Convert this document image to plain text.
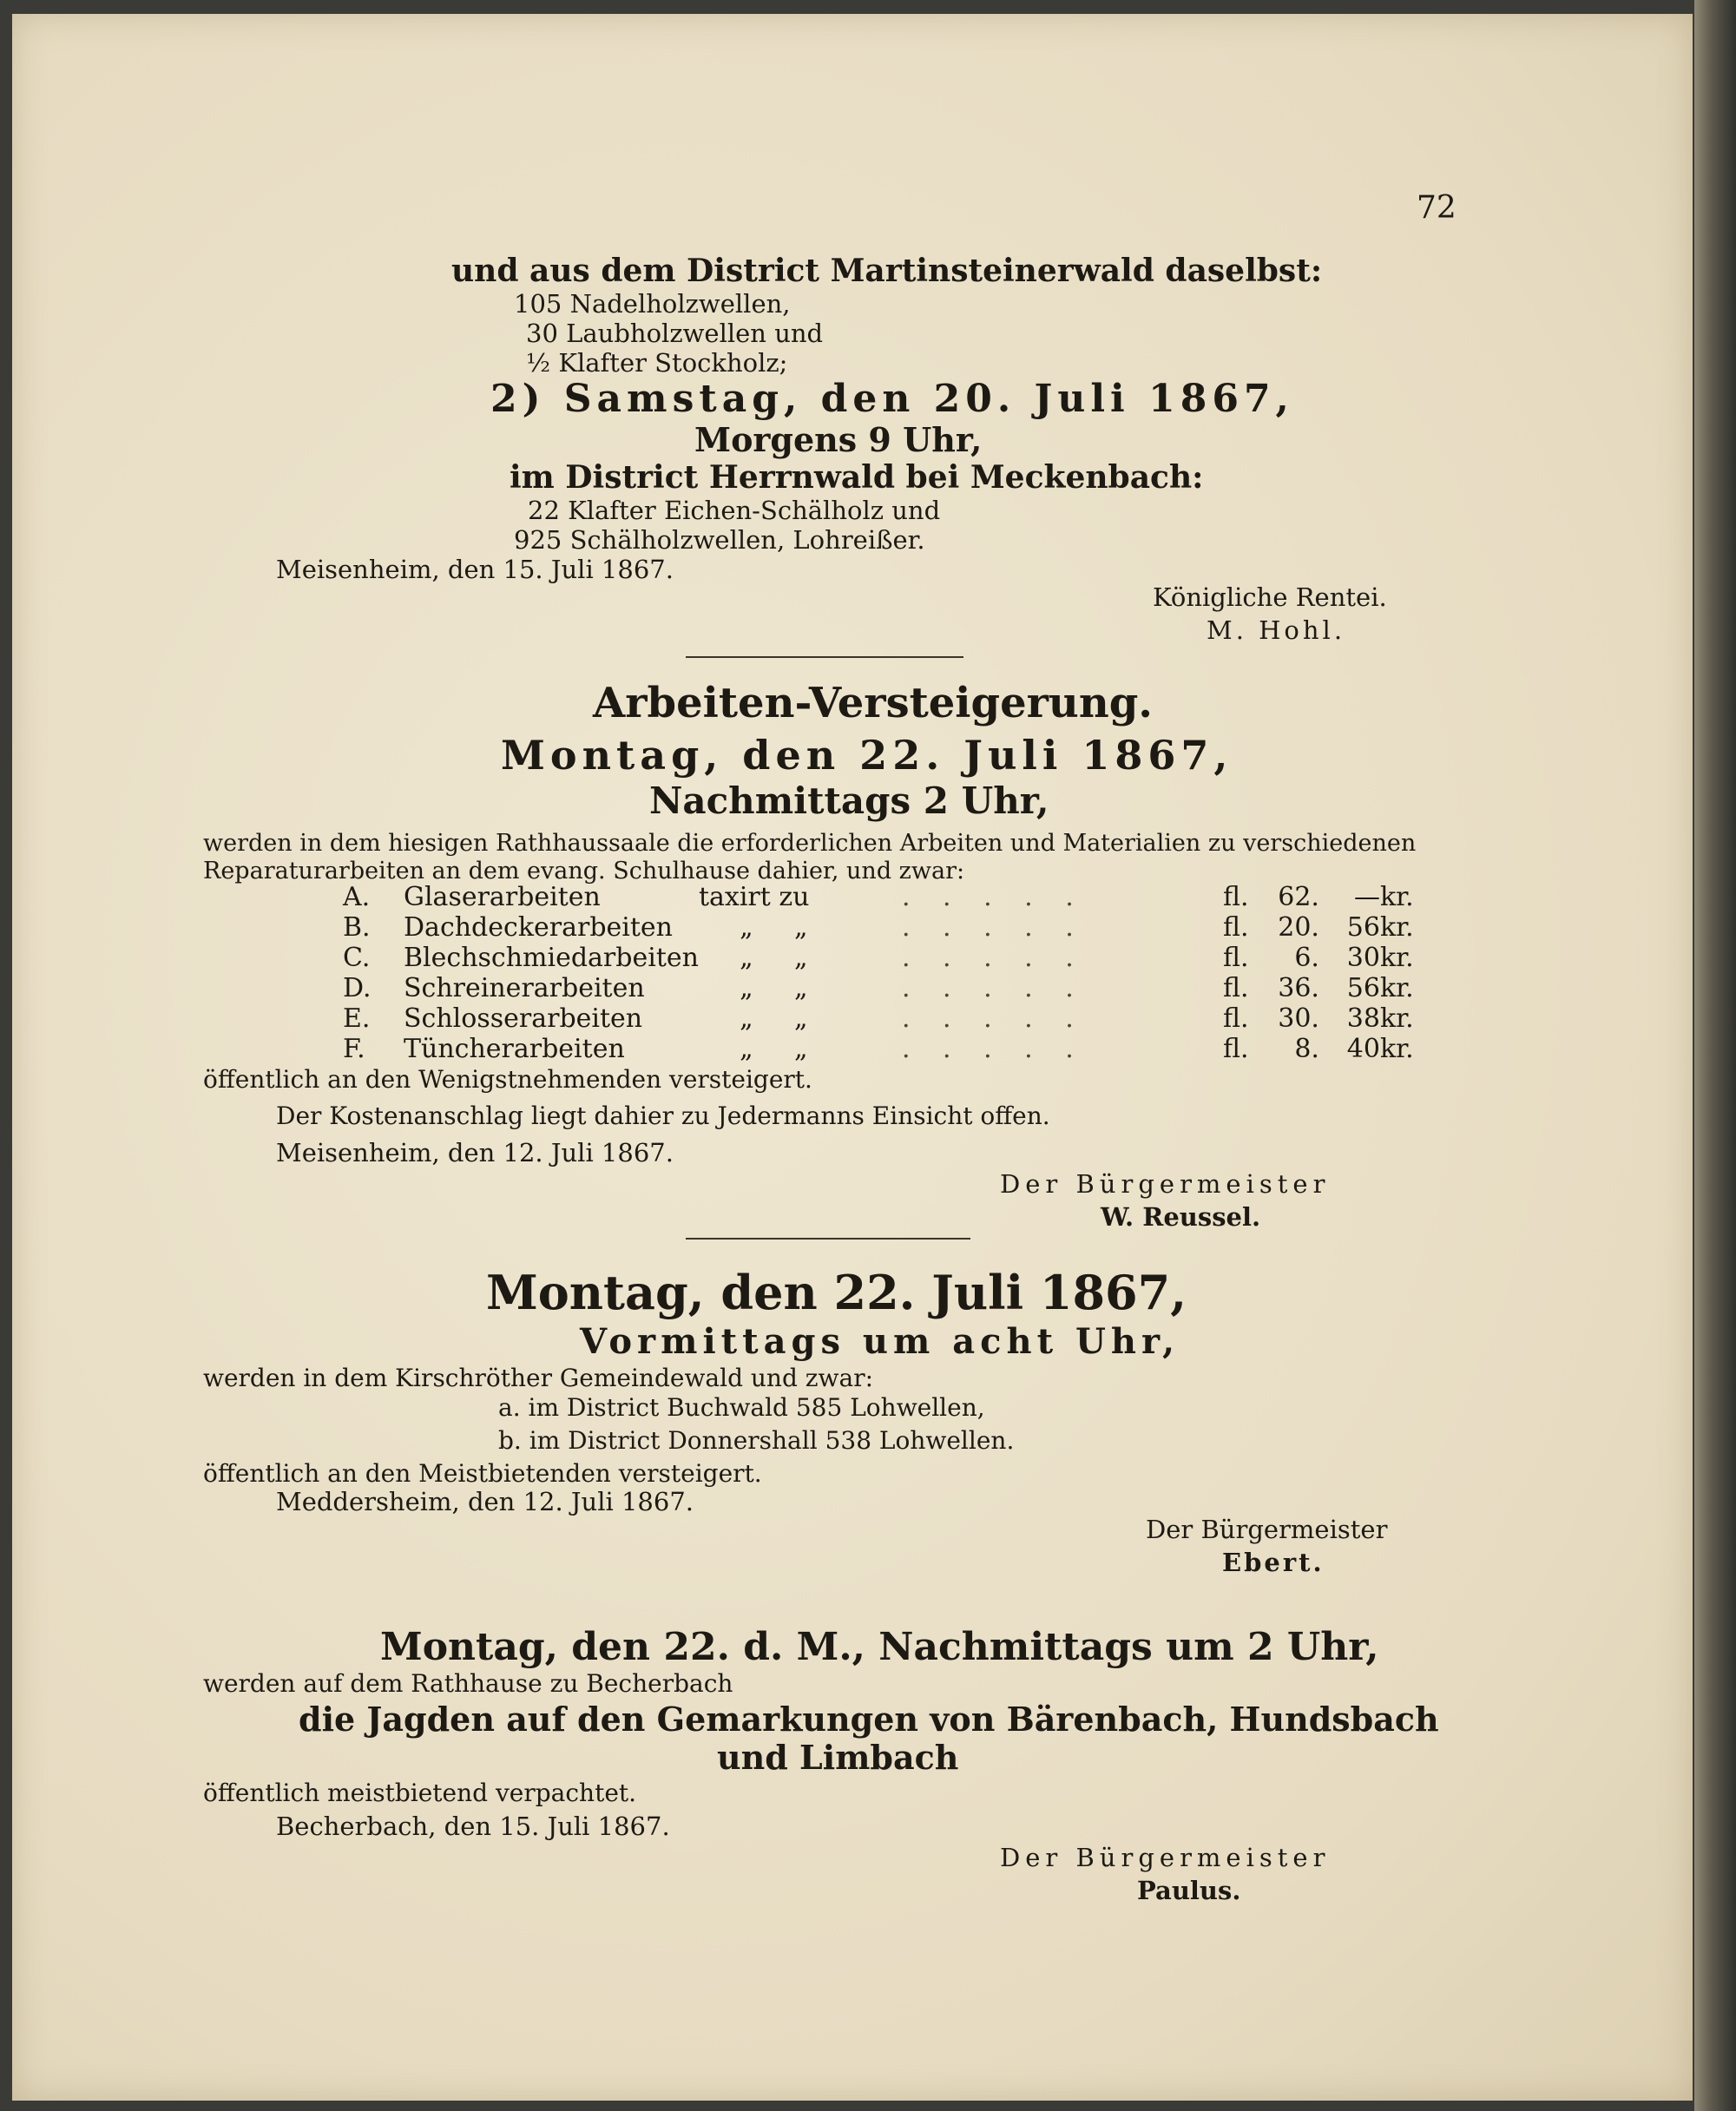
72
und aus dem District Martinsteinerwald daselbst:
105 Nadelholzwellen,
30 Laubholzwellen und
½ Klafter Stockholz;
2) Samstag, den 20. Juli 1867,
Morgens 9 Uhr,
im District Herrnwald bei Meckenbach:
22 Klafter Eichen-Schälholz und
925 Schälholzwellen, Lohreißer.
Meisenheim, den 15. Juli 1867.
Königliche Rentei.
M. Hohl.
Arbeiten-Versteigerung.
Montag, den 22. Juli 1867,
Nachmittags 2 Uhr,
werden in dem hiesigen Rathhaussaale die erforderlichen Arbeiten und Materialien zu verschiedenen
Reparaturarbeiten an dem evang. Schulhause dahier, und zwar:
A.	Glaserarbeiten	taxirt zu			. . . . .	fl.	62.	—	kr.
B.	Dachdeckerarbeiten	„	„		. . . . .	fl.	20.	56	kr.
C.	Blechschmiedarbeiten	„	„		. . . . .	fl.	6.	30	kr.
D.	Schreinerarbeiten	„	„		. . . . .	fl.	36.	56	kr.
E.	Schlosserarbeiten	„	„		. . . . .	fl.	30.	38	kr.
F.	Tüncherarbeiten	„	„		. . . . .	fl.	8.	40	kr.
öffentlich an den Wenigstnehmenden versteigert.
Der Kostenanschlag liegt dahier zu Jedermanns Einsicht offen.
Meisenheim, den 12. Juli 1867.
Der Bürgermeister
W. Reussel.
Montag, den 22. Juli 1867,
Vormittags um acht Uhr,
werden in dem Kirschröther Gemeindewald und zwar:
a. im District Buchwald 585 Lohwellen,
b. im District Donnershall 538 Lohwellen.
öffentlich an den Meistbietenden versteigert.
Meddersheim, den 12. Juli 1867.
Der Bürgermeister
Ebert.
Montag, den 22. d. M., Nachmittags um 2 Uhr,
werden auf dem Rathhause zu Becherbach
die Jagden auf den Gemarkungen von Bärenbach, Hundsbach
und Limbach
öffentlich meistbietend verpachtet.
Becherbach, den 15. Juli 1867.
Der Bürgermeister
Paulus.
